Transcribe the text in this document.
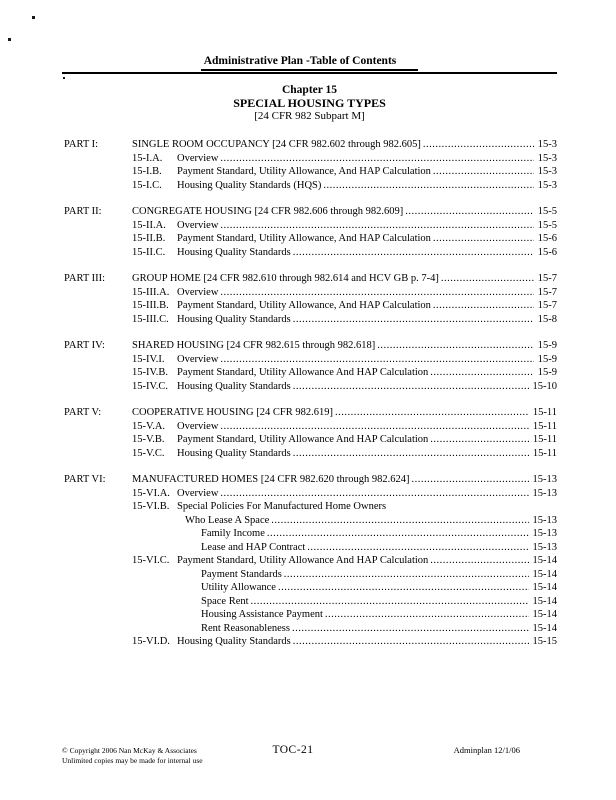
Administrative Plan -Table of Contents
Chapter 15
SPECIAL HOUSING TYPES
[24 CFR 982 Subpart M]
PART I:	SINGLE ROOM OCCUPANCY [24 CFR 982.602 through 982.605] .....	15-3
15-I.A.	Overview .....	15-3
15-I.B.	Payment Standard, Utility Allowance, And HAP Calculation .....	15-3
15-I.C.	Housing Quality Standards (HQS) .....	15-3
PART II:	CONGREGATE HOUSING [24 CFR 982.606 through 982.609] .....	15-5
15-II.A.	Overview .....	15-5
15-II.B.	Payment Standard, Utility Allowance, And HAP Calculation .....	15-6
15-II.C.	Housing Quality Standards .....	15-6
PART III:	GROUP HOME [24 CFR 982.610 through 982.614 and HCV GB p. 7-4] .....	15-7
15-III.A. Overview .....	15-7
15-III.B. Payment Standard, Utility Allowance, And HAP Calculation .....	15-7
15-III.C. Housing Quality Standards .....	15-8
PART IV:	SHARED HOUSING [24 CFR 982.615 through 982.618] .....	15-9
15-IV.I.	Overview .....	15-9
15-IV.B. Payment Standard, Utility Allowance And HAP Calculation .....	15-9
15-IV.C. Housing Quality Standards .....	15-10
PART V:	COOPERATIVE HOUSING [24 CFR 982.619] .....	15-11
15-V.A.	Overview .....	15-11
15-V.B.	Payment Standard, Utility Allowance And HAP Calculation .....	15-11
15-V.C.	Housing Quality Standards .....	15-11
PART VI:	MANUFACTURED HOMES [24 CFR 982.620 through 982.624] .....	15-13
15-VI.A. Overview .....	15-13
15-VI.B. Special Policies For Manufactured Home Owners
Who Lease A Space .....	15-13
Family Income .....	15-13
Lease and HAP Contract .....	15-13
15-VI.C. Payment Standard, Utility Allowance And HAP Calculation .....	15-14
Payment Standards .....	15-14
Utility Allowance .....	15-14
Space Rent .....	15-14
Housing Assistance Payment .....	15-14
Rent Reasonableness .....	15-14
15-VI.D. Housing Quality Standards .....	15-15
© Copyright 2006 Nan McKay & Associates
Unlimited copies may be made for internal use
TOC-21	Adminplan 12/1/06
